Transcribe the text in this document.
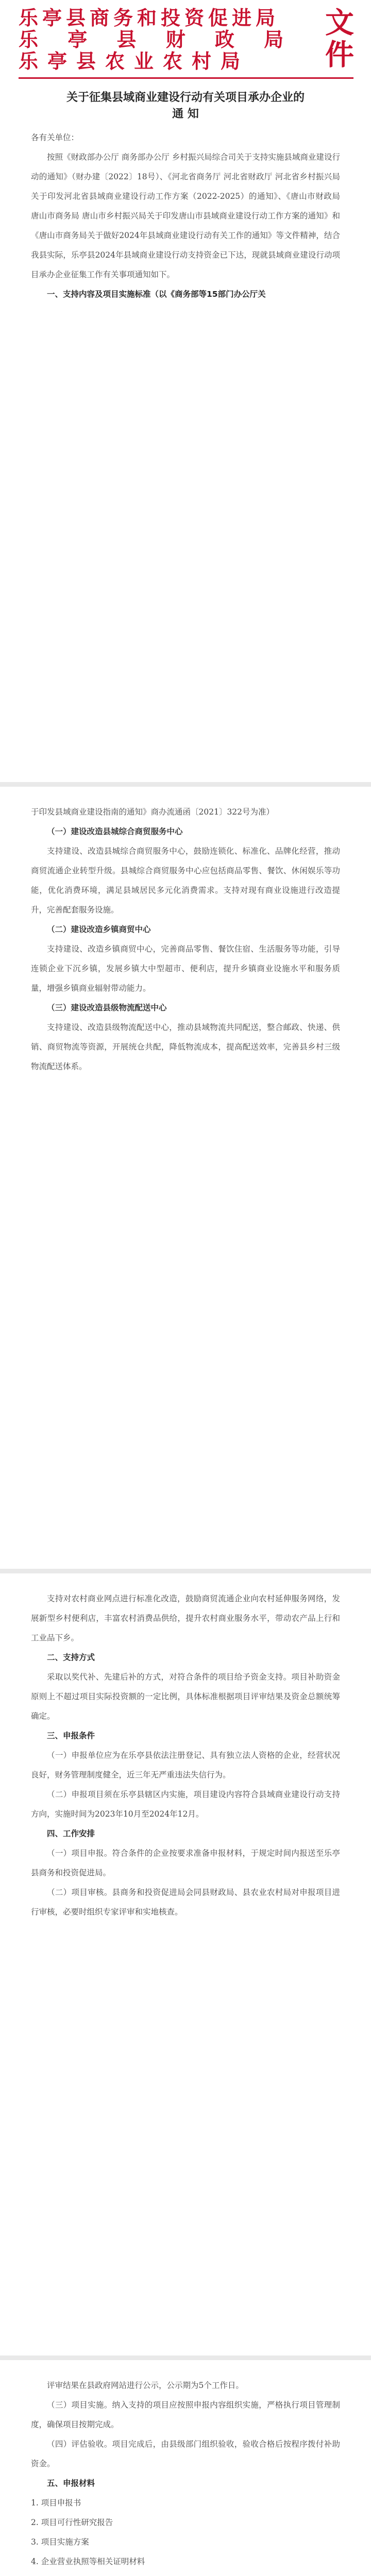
乐亭县商务和投资促进局
乐 亭 县 财 政 局
乐亭县农业农村局	文件
关于征集县域商业建设行动有关项目承办企业的
通 知

各有关单位：

按照《财政部办公厅 商务部办公厅 乡村振兴局综合司关于支持实施县域商业建设行动的通知》（财办建〔2022〕18号）、《河北省商务厅 河北省财政厅 河北省乡村振兴局关于印发河北省县域商业建设行动工作方案（2022-2025）的通知》、《唐山市财政局 唐山市商务局 唐山市乡村振兴局关于印发唐山市县域商业建设行动工作方案的通知》和《唐山市商务局关于做好2024年县域商业建设行动有关工作的通知》等文件精神，结合我县实际，乐亭县2024年县域商业建设行动支持资金已下达，现就县域商业建设行动项目承办企业征集工作有关事项通知如下。

一、支持内容及项目实施标准（以《商务部等15部门办公厅关

于印发县域商业建设指南的通知》商办流通函〔2021〕322号为准）

（一）建设改造县城综合商贸服务中心

支持建设、改造县城综合商贸服务中心，鼓励连锁化、标准化、品牌化经营，推动商贸流通企业转型升级。县城综合商贸服务中心应包括商品零售、餐饮、休闲娱乐等功能，优化消费环境，满足县域居民多元化消费需求。支持对现有商业设施进行改造提升，完善配套服务设施。

（二）建设改造乡镇商贸中心

支持建设、改造乡镇商贸中心，完善商品零售、餐饮住宿、生活服务等功能，引导连锁企业下沉乡镇，发展乡镇大中型超市、便利店，提升乡镇商业设施水平和服务质量，增强乡镇商业辐射带动能力。

（三）建设改造县级物流配送中心

支持建设、改造县级物流配送中心，推动县域物流共同配送，整合邮政、快递、供销、商贸物流等资源，开展统仓共配，降低物流成本，提高配送效率，完善县乡村三级物流配送体系。

支持对农村商业网点进行标准化改造，鼓励商贸流通企业向农村延伸服务网络，发展新型乡村便利店，丰富农村消费品供给，提升农村商业服务水平，带动农产品上行和工业品下乡。

二、支持方式

采取以奖代补、先建后补的方式，对符合条件的项目给予资金支持。项目补助资金原则上不超过项目实际投资额的一定比例，具体标准根据项目评审结果及资金总额统筹确定。

三、申报条件

（一）申报单位应为在乐亭县依法注册登记、具有独立法人资格的企业，经营状况良好，财务管理制度健全，近三年无严重违法失信行为。

（二）申报项目须在乐亭县辖区内实施，项目建设内容符合县域商业建设行动支持方向，实施时间为2023年10月至2024年12月。

四、工作安排

（一）项目申报。符合条件的企业按要求准备申报材料，于规定时间内报送至乐亭县商务和投资促进局。

（二）项目审核。县商务和投资促进局会同县财政局、县农业农村局对申报项目进行审核，必要时组织专家评审和实地核查。

评审结果在县政府网站进行公示，公示期为5个工作日。

（三）项目实施。纳入支持的项目应按照申报内容组织实施，严格执行项目管理制度，确保项目按期完成。

（四）评估验收。项目完成后，由县级部门组织验收，验收合格后按程序拨付补助资金。

五、申报材料

1. 项目申报书

2. 项目可行性研究报告

3. 项目实施方案

4. 企业营业执照等相关证明材料
